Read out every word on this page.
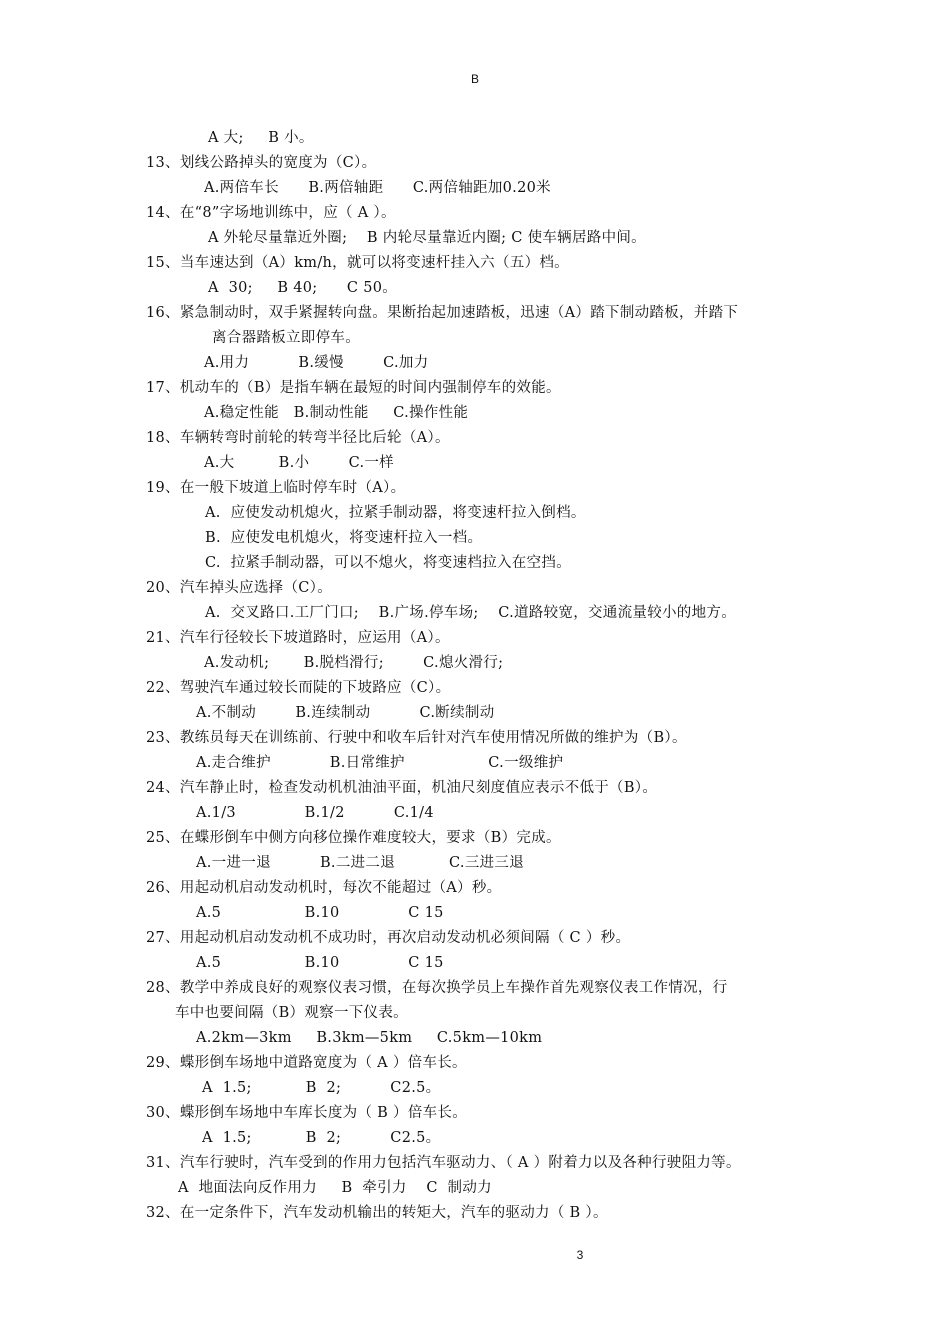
B
A 大;     B 小。
13、划线公路掉头的宽度为（C）。
A.两倍车长      B.两倍轴距      C.两倍轴距加0.20米
14、在“8”字场地训练中，应（ A ）。
A 外轮尽量靠近外圈;    B 内轮尽量靠近内圈; C 使车辆居路中间。
15、当车速达到（A）km/h，就可以将变速杆挂入六（五）档。
A  30;     B 40;      C 50。
16、紧急制动时，双手紧握转向盘。果断抬起加速踏板，迅速（A）踏下制动踏板，并踏下
离合器踏板立即停车。
A.用力          B.缓慢        C.加力
17、机动车的（B）是指车辆在最短的时间内强制停车的效能。
A.稳定性能   B.制动性能     C.操作性能
18、车辆转弯时前轮的转弯半径比后轮（A）。
A.大         B.小        C.一样
19、在一般下坡道上临时停车时（A）。
A.  应使发动机熄火，拉紧手制动器，将变速杆拉入倒档。
B.  应使发电机熄火，将变速杆拉入一档。
C.  拉紧手制动器，可以不熄火，将变速档拉入在空挡。
20、汽车掉头应选择（C）。
A.  交叉路口.工厂门口;    B.广场.停车场;    C.道路较宽，交通流量较小的地方。
21、汽车行径较长下坡道路时，应运用（A）。
A.发动机;       B.脱档滑行;        C.熄火滑行;
22、驾驶汽车通过较长而陡的下坡路应（C）。
A.不制动        B.连续制动          C.断续制动
23、教练员每天在训练前、行驶中和收车后针对汽车使用情况所做的维护为（B）。
A.走合维护            B.日常维护                 C.一级维护
24、汽车静止时，检查发动机机油油平面，机油尺刻度值应表示不低于（B）。
A.1/3              B.1/2          C.1/4
25、在蝶形倒车中侧方向移位操作难度较大，要求（B）完成。
A.一进一退          B.二进二退           C.三进三退
26、用起动机启动发动机时，每次不能超过（A）秒。
A.5                 B.10              C 15
27、用起动机启动发动机不成功时，再次启动发动机必须间隔（ C ）秒。
A.5                 B.10              C 15
28、教学中养成良好的观察仪表习惯，在每次换学员上车操作首先观察仪表工作情况，行
车中也要间隔（B）观察一下仪表。
A.2km—3km     B.3km—5km     C.5km—10km
29、蝶形倒车场地中道路宽度为（ A ）倍车长。
A  1.5;           B  2;          C2.5。
30、蝶形倒车场地中车库长度为（ B ）倍车长。
A  1.5;           B  2;          C2.5。
31、汽车行驶时，汽车受到的作用力包括汽车驱动力、（ A ）附着力以及各种行驶阻力等。
A  地面法向反作用力     B  牵引力    C  制动力
32、在一定条件下，汽车发动机输出的转矩大，汽车的驱动力（ B ）。
3
